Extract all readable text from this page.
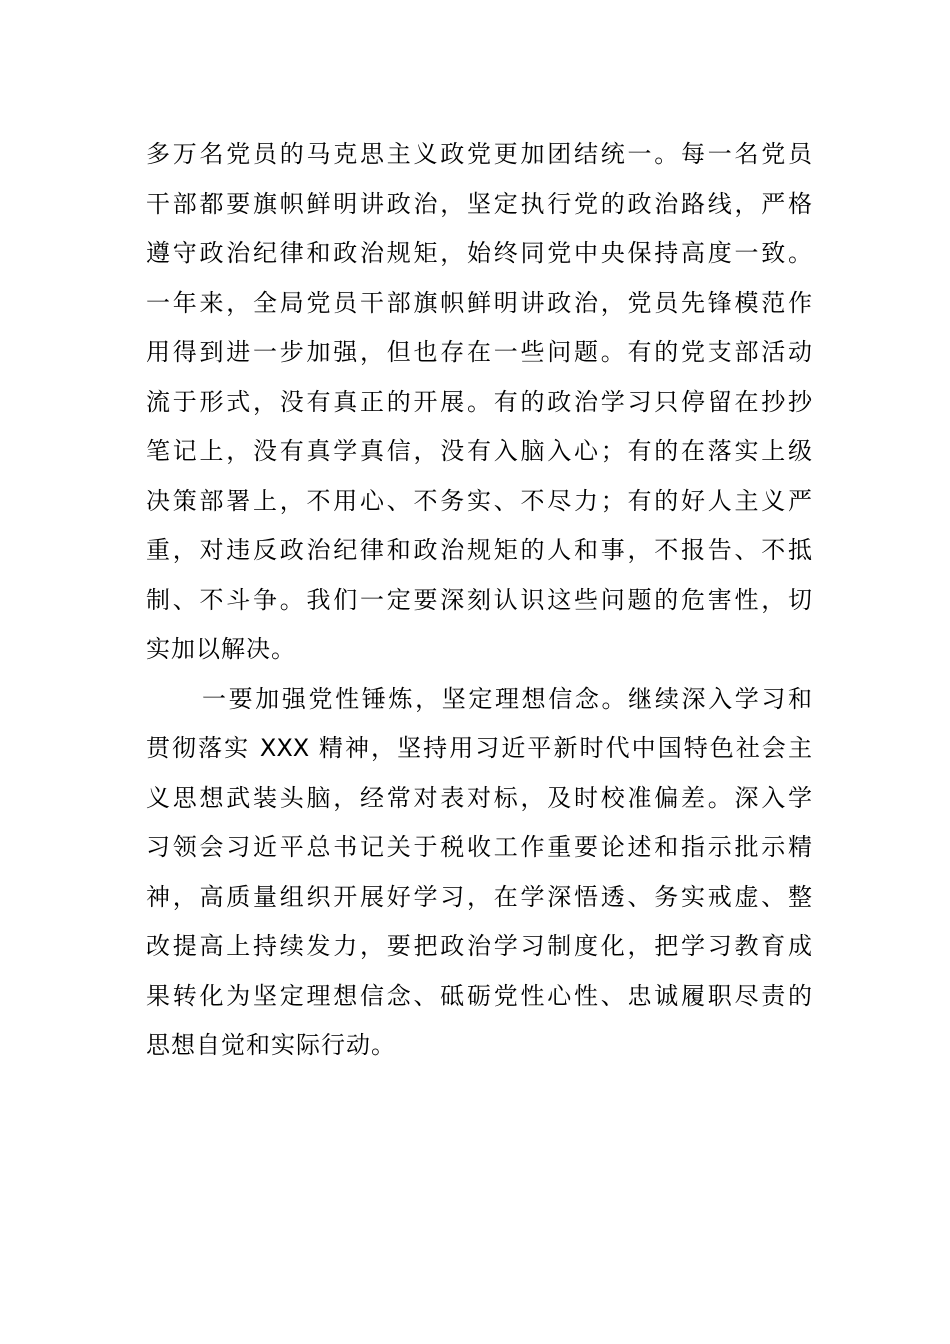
多万名党员的马克思主义政党更加团结统一。每一名党员
干部都要旗帜鲜明讲政治，坚定执行党的政治路线，严格
遵守政治纪律和政治规矩，始终同党中央保持高度一致。
一年来，全局党员干部旗帜鲜明讲政治，党员先锋模范作
用得到进一步加强，但也存在一些问题。有的党支部活动
流于形式，没有真正的开展。有的政治学习只停留在抄抄
笔记上，没有真学真信，没有入脑入心；有的在落实上级
决策部署上，不用心、不务实、不尽力；有的好人主义严
重，对违反政治纪律和政治规矩的人和事，不报告、不抵
制、不斗争。我们一定要深刻认识这些问题的危害性，切
实加以解决。
一要加强党性锤炼，坚定理想信念。继续深入学习和
贯彻落实 XXX 精神，坚持用习近平新时代中国特色社会主
义思想武装头脑，经常对表对标，及时校准偏差。深入学
习领会习近平总书记关于税收工作重要论述和指示批示精
神，高质量组织开展好学习，在学深悟透、务实戒虚、整
改提高上持续发力，要把政治学习制度化，把学习教育成
果转化为坚定理想信念、砥砺党性心性、忠诚履职尽责的
思想自觉和实际行动。
